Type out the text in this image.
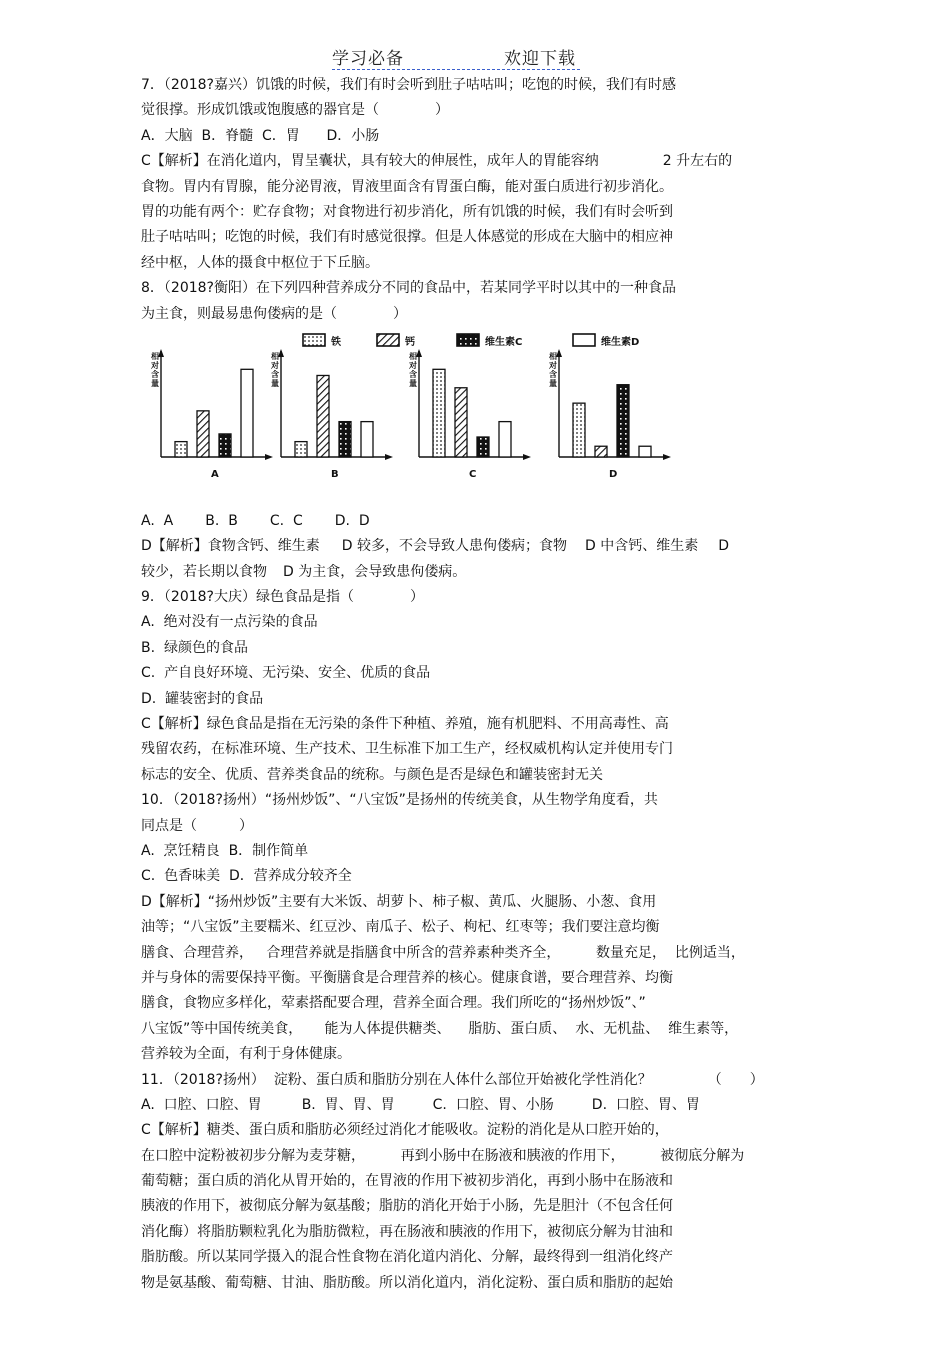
学习必备	欢迎下载
7．（2018?嘉兴）饥饿的时候，我们有时会听到肚子咕咕叫；吃饱的时候，我们有时感
觉很撑。形成饥饿或饱腹感的器官是（　　　　）
A．大脑  B．脊髓  C．胃      D．小肠
C【解析】在消化道内，胃呈囊状，具有较大的伸展性，成年人的胃能容纳	2 升左右的
食物。胃内有胃腺，能分泌胃液，胃液里面含有胃蛋白酶，能对蛋白质进行初步消化。
胃的功能有两个：贮存食物；对食物进行初步消化，所有饥饿的时候，我们有时会听到
肚子咕咕叫；吃饱的时候，我们有时感觉很撑。但是人体感觉的形成在大脑中的相应神
经中枢，人体的摄食中枢位于下丘脑。
8．（2018?衡阳）在下列四种营养成分不同的食品中，若某同学平时以其中的一种食品
为主食，则最易患佝偻病的是（　　　　）
铁	钙	维生素C	维生素D
相对含量
A
相对含量
B
相对含量
C
相对含量
D
A.  A B.  B C.  C D.  D
D【解析】食物含钙、维生素 D 较多，不会导致人患佝偻病；食物 D 中含钙、维生素 D
较少，若长期以食物 D 为主食，会导致患佝偻病。
9．（2018?大庆）绿色食品是指（　　　　）
A.  绝对没有一点污染的食品
B.  绿颜色的食品
C.  产自良好环境、无污染、安全、优质的食品
D.  罐装密封的食品
C【解析】绿色食品是指在无污染的条件下种植、养殖，施有机肥料、不用高毒性、高
残留农药，在标准环境、生产技术、卫生标准下加工生产，经权威机构认定并使用专门
标志的安全、优质、营养类食品的统称。与颜色是否是绿色和罐装密封无关
10．（2018?扬州）“扬州炒饭”、“八宝饭”是扬州的传统美食，从生物学角度看，共
同点是（　　　）
A.  烹饪精良  B．制作简单
C.  色香味美  D．营养成分较齐全
D【解析】“扬州炒饭”主要有大米饭、胡萝卜、柿子椒、黄瓜、火腿肠、小葱、食用
油等；“八宝饭”主要糯米、红豆沙、南瓜子、松子、枸杞、红枣等；我们要注意均衡
膳食、合理营养，   合理营养就是指膳食中所含的营养素种类齐全，        数量充足，  比例适当，
并与身体的需要保持平衡。平衡膳食是合理营养的核心。健康食谱，要合理营养、均衡
膳食，食物应多样化，荤素搭配要合理，营养全面合理。我们所吃的“扬州炒饭”、”
八宝饭”等中国传统美食，     能为人体提供糖类、    脂肪、蛋白质、  水、无机盐、  维生素等，
营养较为全面，有利于身体健康。
11．（2018?扬州）  淀粉、蛋白质和脂肪分别在人体什么部位开始被化学性消化？	（　　）
A.  口腔、口腔、胃	B.  胃、胃、胃	C.  口腔、胃、小肠	D.  口腔、胃、胃
C【解析】糖类、蛋白质和脂肪必须经过消化才能吸收。淀粉的消化是从口腔开始的，
在口腔中淀粉被初步分解为麦芽糖，        再到小肠中在肠液和胰液的作用下，        被彻底分解为
葡萄糖；蛋白质的消化从胃开始的，在胃液的作用下被初步消化，再到小肠中在肠液和
胰液的作用下，被彻底分解为氨基酸；脂肪的消化开始于小肠，先是胆汁（不包含任何
消化酶）将脂肪颗粒乳化为脂肪微粒，再在肠液和胰液的作用下，被彻底分解为甘油和
脂肪酸。所以某同学摄入的混合性食物在消化道内消化、分解，最终得到一组消化终产
物是氨基酸、葡萄糖、甘油、脂肪酸。所以消化道内，消化淀粉、蛋白质和脂肪的起始
